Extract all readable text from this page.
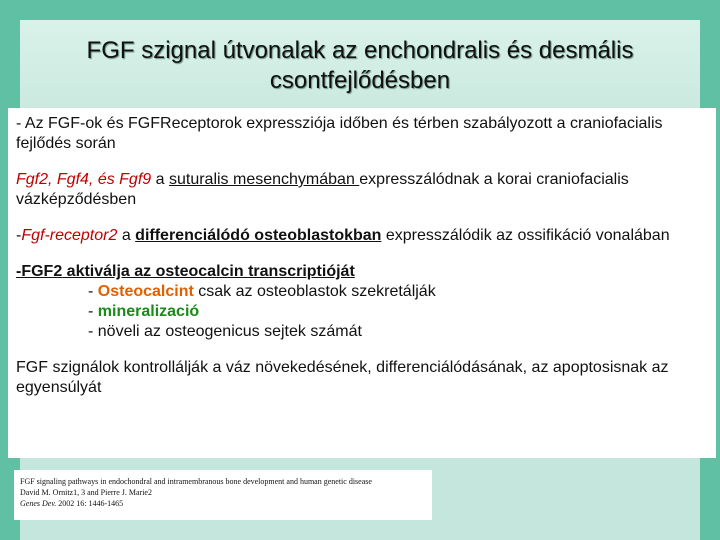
FGF szignal útvonalak az enchondralis és desmális
csontfejlődésben

- Az FGF-ok és FGFReceptorok expressziója időben és térben szabályozott a craniofacialis fejlődés során

Fgf2, Fgf4, és Fgf9 a suturalis mesenchymában expresszálódnak a korai craniofacialis vázképződésben

-Fgf-receptor2 a differenciálódó osteoblastokban expresszálódik az ossifikáció vonalában

-FGF2 aktiválja az osteocalcin transcriptióját
- Osteocalcint csak az osteoblastok szekretálják
- mineralizació
- növeli az osteogenicus sejtek számát

FGF szignálok kontrollálják a váz növekedésének, differenciálódásának, az apoptosisnak az egyensúlyát

FGF signaling pathways in endochondral and intramembranous bone development and human genetic disease
David M. Ornitz1, 3 and Pierre J. Marie2
Genes Dev. 2002 16: 1446-1465
